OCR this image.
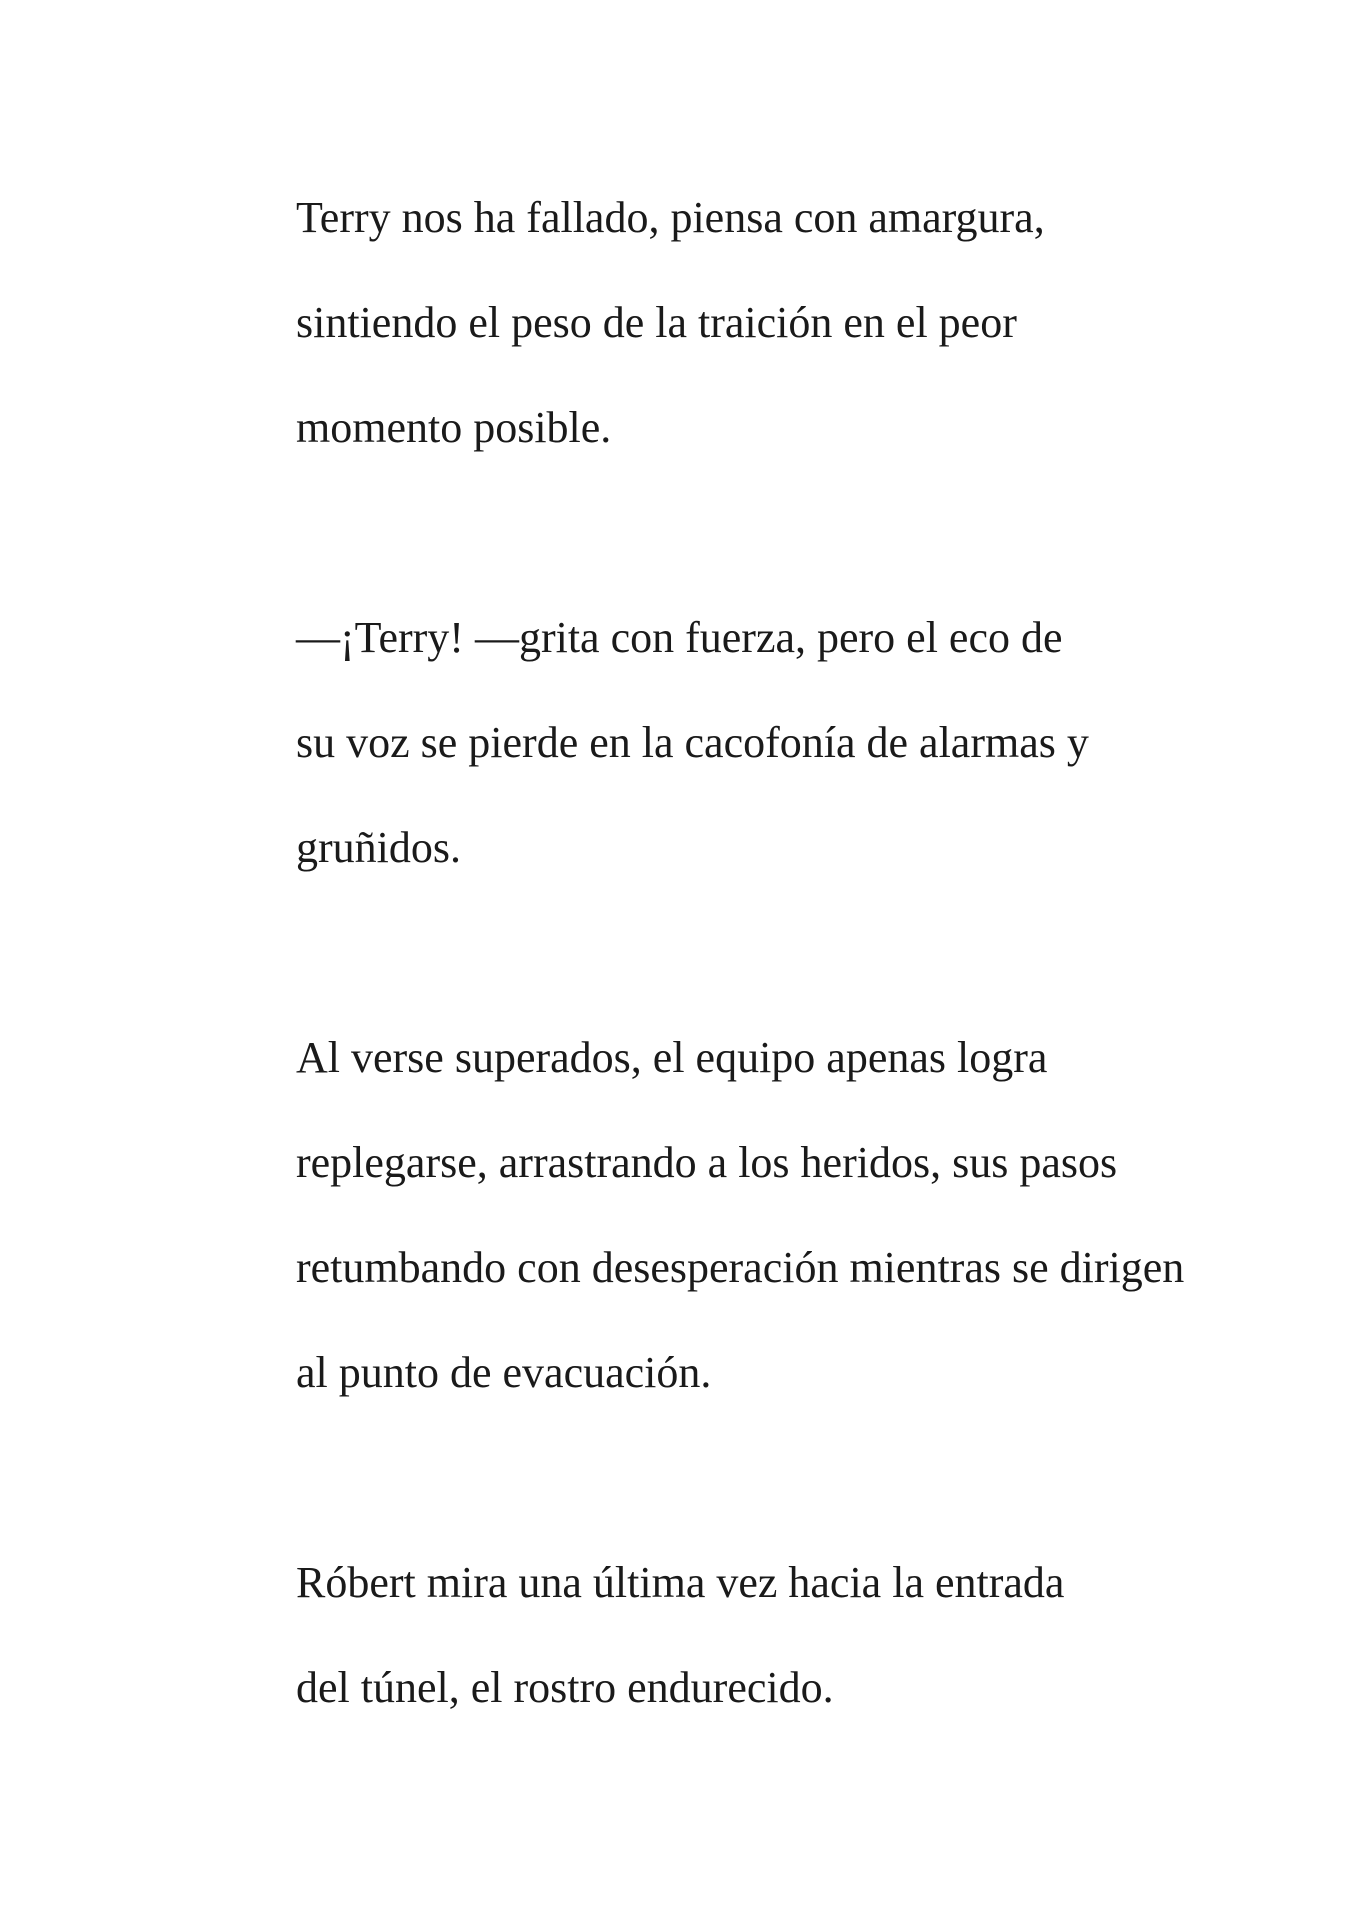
Terry nos ha fallado, piensa con amargura,
sintiendo el peso de la traición en el peor
momento posible.

—¡Terry! —grita con fuerza, pero el eco de
su voz se pierde en la cacofonía de alarmas y
gruñidos.

Al verse superados, el equipo apenas logra
replegarse, arrastrando a los heridos, sus pasos
retumbando con desesperación mientras se dirigen
al punto de evacuación.

Róbert mira una última vez hacia la entrada
del túnel, el rostro endurecido.
